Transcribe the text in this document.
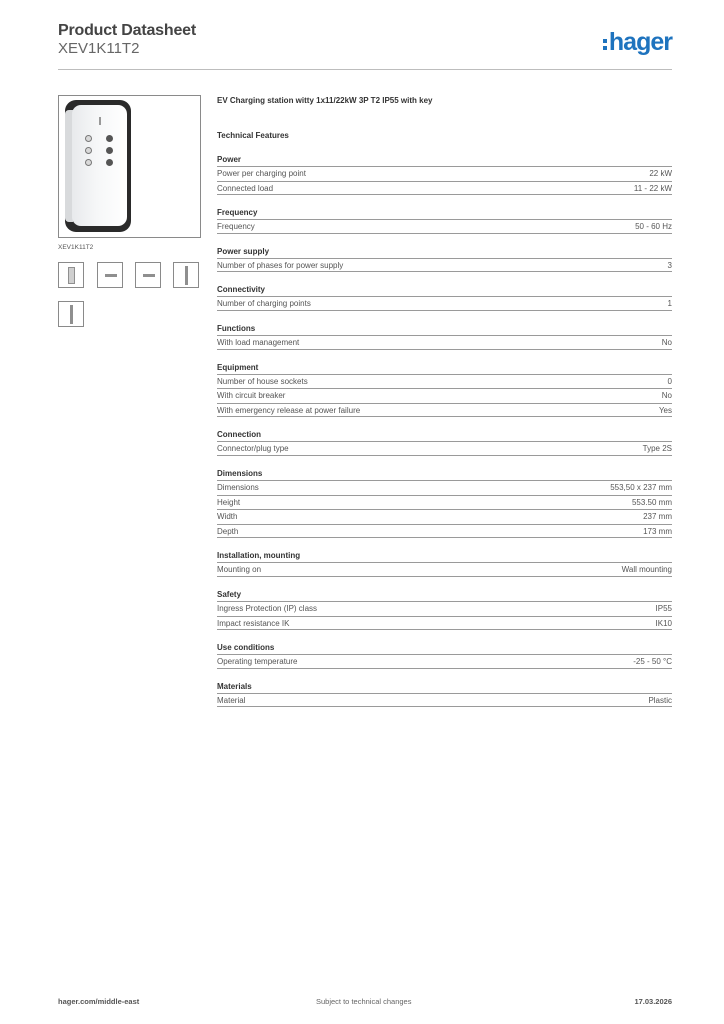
Product Datasheet
XEV1K11T2	hager
XEV1K11T2
EV Charging station witty 1x11/22kW 3P T2 IP55 with key
Technical Features
Power
Power per charging point	22 kW
Connected load	11 - 22 kW
Frequency
Frequency	50 - 60 Hz
Power supply
Number of phases for power supply	3
Connectivity
Number of charging points	1
Functions
With load management	No
Equipment
Number of house sockets	0
With circuit breaker	No
With emergency release at power failure	Yes
Connection
Connector/plug type	Type 2S
Dimensions
Dimensions	553,50 x 237 mm
Height	553.50 mm
Width	237 mm
Depth	173 mm
Installation, mounting
Mounting on	Wall mounting
Safety
Ingress Protection (IP) class	IP55
Impact resistance IK	IK10
Use conditions
Operating temperature	-25 - 50 °C
Materials
Material	Plastic
hager.com/middle-east	Subject to technical changes	17.03.2026
